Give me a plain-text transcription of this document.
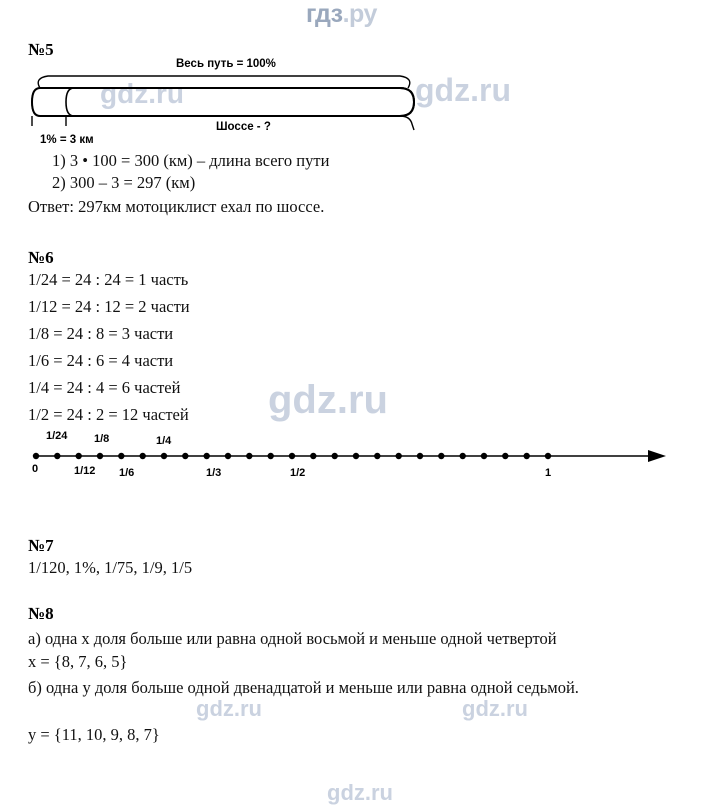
гдз.ру
gdz.ru	gdz.ru
gdz.ru
gdz.ru	gdz.ru
gdz.ru
№5
Весь путь = 100%
Шоссе - ?
1% = 3 км
1) 3 • 100 = 300 (км) – длина всего пути
2) 300 – 3 = 297 (км)
Ответ: 297км мотоциклист ехал по шоссе.
№6
1/24 = 24 : 24 = 1 часть
1/12 = 24 : 12 = 2 части
1/8 = 24 : 8 = 3 части
1/6 = 24 : 6 = 4 части
1/4 = 24 : 4 = 6 частей
1/2 = 24 : 2 = 12 частей
1/24 1/8	1/4
0	1/12 1/6	1/3	1/2	1
№7
1/120, 1%, 1/75, 1/9, 1/5
№8
а) одна x доля больше или равна одной восьмой и меньше одной четвертой
x = {8, 7, 6, 5}
б) одна y доля больше одной двенадцатой и меньше или равна одной седьмой.
y = {11, 10, 9, 8, 7}
